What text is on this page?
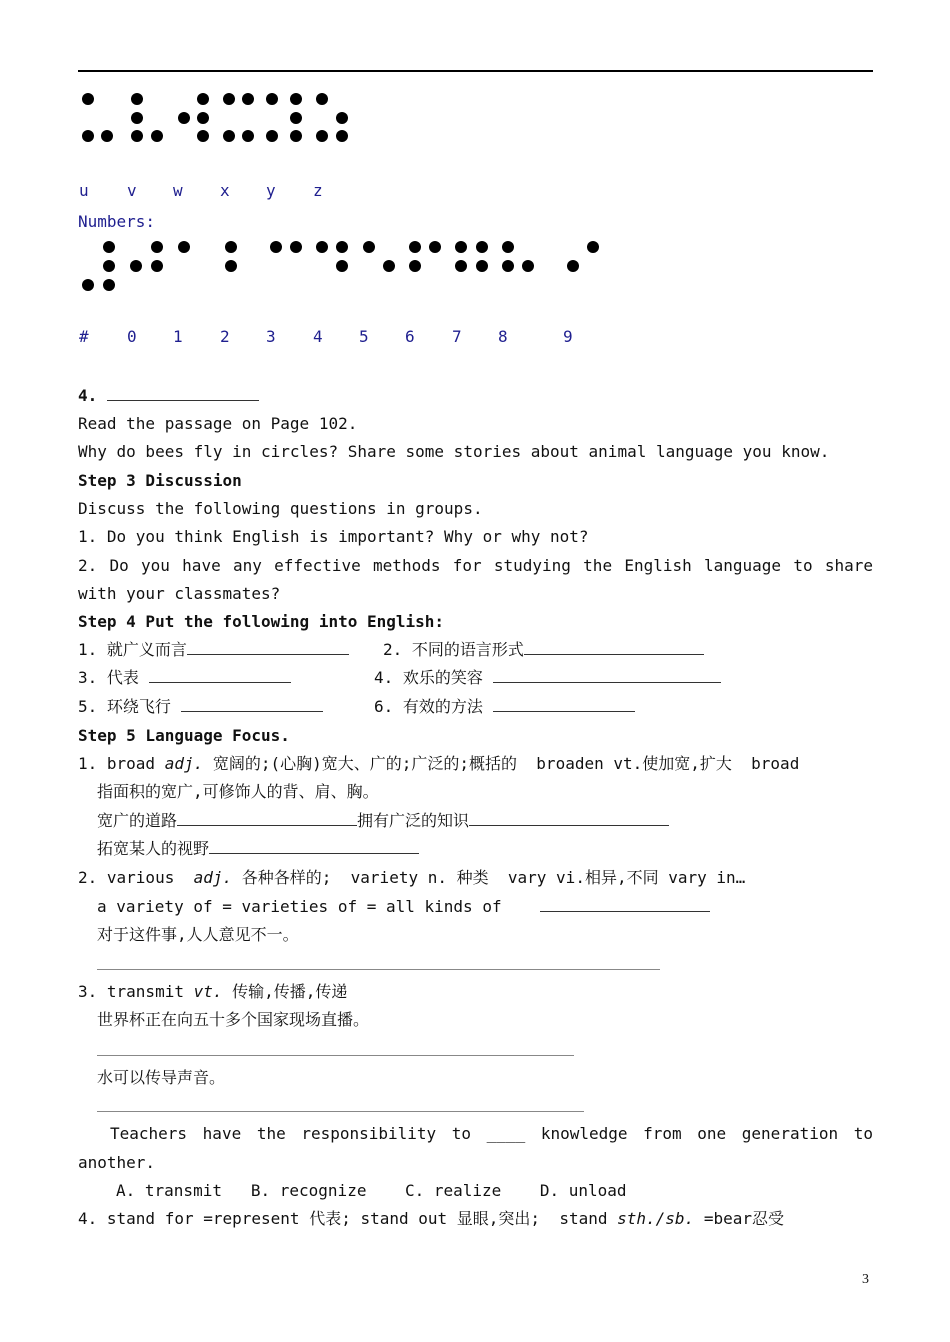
u v w x y z
Numbers:
# 0 1 2 3 4 5 6 7 8	9
4.
Read the passage on Page 102.
Why do bees fly in circles? Share some stories about animal language you know.
Step 3 Discussion
Discuss the following questions in groups.
1. Do you think English is important? Why or why not?
2. Do you have any effective methods for studying the English language to share
with your classmates?
Step 4 Put the following into English:
1. 就广义而言	2. 不同的语言形式
3. 代表	4. 欢乐的笑容
5. 环绕飞行	6. 有效的方法
Step 5 Language Focus.
1. broad adj. 宽阔的;(心胸)宽大、广的;广泛的;概括的  broaden vt.使加宽,扩大  broad
指面积的宽广,可修饰人的背、肩、胸。
宽广的道路	拥有广泛的知识
拓宽某人的视野
2. various  adj. 各种各样的;  variety n. 种类  vary vi.相异,不同 vary in…
a variety of = varieties of = all kinds of
对于这件事,人人意见不一。
3. transmit vt. 传输,传播,传递
世界杯正在向五十多个国家现场直播。
水可以传导声音。
Teachers have the responsibility to ____ knowledge from one generation to
another.
A. transmit   B. recognize    C. realize    D. unload
4. stand for =represent 代表; stand out 显眼,突出;  stand sth./sb. =bear忍受
3
